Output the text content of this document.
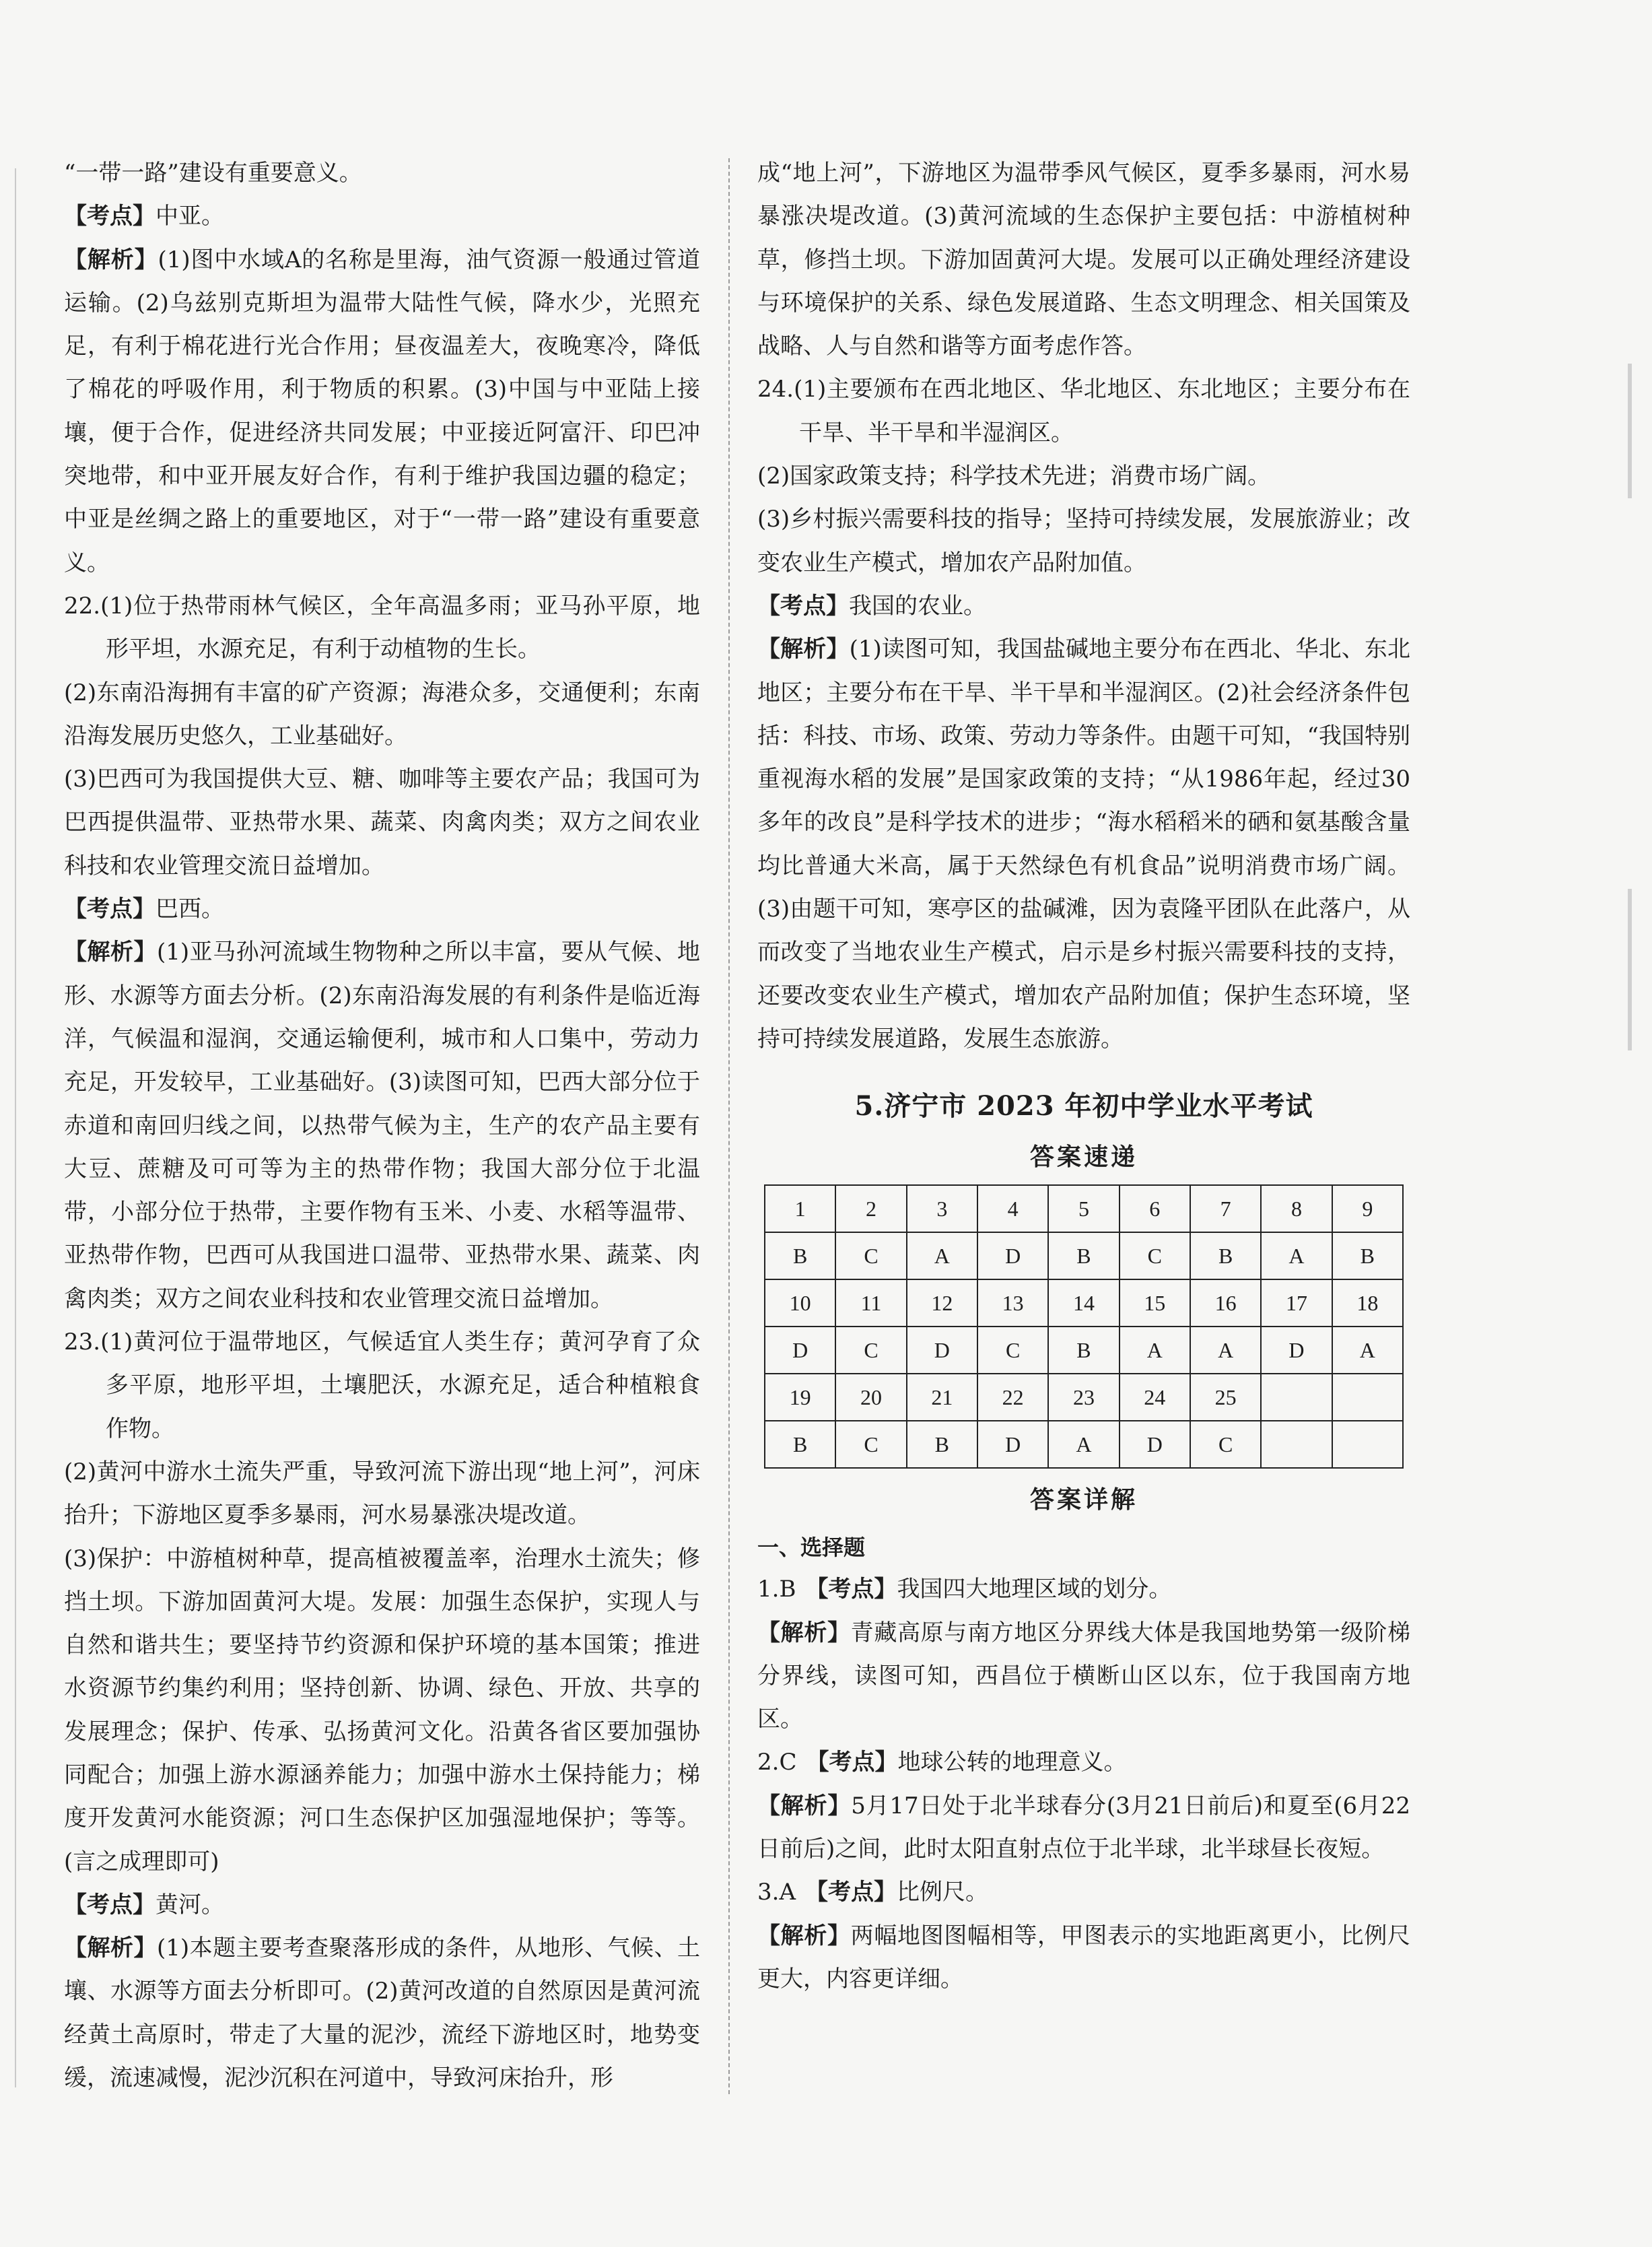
“一带一路”建设有重要意义。

【考点】中亚。

【解析】(1)图中水域A的名称是里海，油气资源一般通过管道运输。(2)乌兹别克斯坦为温带大陆性气候，降水少，光照充足，有利于棉花进行光合作用；昼夜温差大，夜晚寒冷，降低了棉花的呼吸作用，利于物质的积累。(3)中国与中亚陆上接壤，便于合作，促进经济共同发展；中亚接近阿富汗、印巴冲突地带，和中亚开展友好合作，有利于维护我国边疆的稳定；中亚是丝绸之路上的重要地区，对于“一带一路”建设有重要意义。

22.(1)位于热带雨林气候区，全年高温多雨；亚马孙平原，地形平坦，水源充足，有利于动植物的生长。

(2)东南沿海拥有丰富的矿产资源；海港众多，交通便利；东南沿海发展历史悠久，工业基础好。

(3)巴西可为我国提供大豆、糖、咖啡等主要农产品；我国可为巴西提供温带、亚热带水果、蔬菜、肉禽肉类；双方之间农业科技和农业管理交流日益增加。

【考点】巴西。

【解析】(1)亚马孙河流域生物物种之所以丰富，要从气候、地形、水源等方面去分析。(2)东南沿海发展的有利条件是临近海洋，气候温和湿润，交通运输便利，城市和人口集中，劳动力充足，开发较早，工业基础好。(3)读图可知，巴西大部分位于赤道和南回归线之间，以热带气候为主，生产的农产品主要有大豆、蔗糖及可可等为主的热带作物；我国大部分位于北温带，小部分位于热带，主要作物有玉米、小麦、水稻等温带、亚热带作物，巴西可从我国进口温带、亚热带水果、蔬菜、肉禽肉类；双方之间农业科技和农业管理交流日益增加。

23.(1)黄河位于温带地区，气候适宜人类生存；黄河孕育了众多平原，地形平坦，土壤肥沃，水源充足，适合种植粮食作物。

(2)黄河中游水土流失严重，导致河流下游出现“地上河”，河床抬升；下游地区夏季多暴雨，河水易暴涨决堤改道。

(3)保护：中游植树种草，提高植被覆盖率，治理水土流失；修挡土坝。下游加固黄河大堤。发展：加强生态保护，实现人与自然和谐共生；要坚持节约资源和保护环境的基本国策；推进水资源节约集约利用；坚持创新、协调、绿色、开放、共享的发展理念；保护、传承、弘扬黄河文化。沿黄各省区要加强协同配合；加强上游水源涵养能力；加强中游水土保持能力；梯度开发黄河水能资源；河口生态保护区加强湿地保护；等等。(言之成理即可)

【考点】黄河。

【解析】(1)本题主要考查聚落形成的条件，从地形、气候、土壤、水源等方面去分析即可。(2)黄河改道的自然原因是黄河流经黄土高原时，带走了大量的泥沙，流经下游地区时，地势变缓，流速减慢，泥沙沉积在河道中，导致河床抬升，形

成“地上河”，下游地区为温带季风气候区，夏季多暴雨，河水易暴涨决堤改道。(3)黄河流域的生态保护主要包括：中游植树种草，修挡土坝。下游加固黄河大堤。发展可以正确处理经济建设与环境保护的关系、绿色发展道路、生态文明理念、相关国策及战略、人与自然和谐等方面考虑作答。

24.(1)主要颁布在西北地区、华北地区、东北地区；主要分布在干旱、半干旱和半湿润区。

(2)国家政策支持；科学技术先进；消费市场广阔。

(3)乡村振兴需要科技的指导；坚持可持续发展，发展旅游业；改变农业生产模式，增加农产品附加值。

【考点】我国的农业。

【解析】(1)读图可知，我国盐碱地主要分布在西北、华北、东北地区；主要分布在干旱、半干旱和半湿润区。(2)社会经济条件包括：科技、市场、政策、劳动力等条件。由题干可知，“我国特别重视海水稻的发展”是国家政策的支持；“从1986年起，经过30多年的改良”是科学技术的进步；“海水稻稻米的硒和氨基酸含量均比普通大米高，属于天然绿色有机食品”说明消费市场广阔。(3)由题干可知，寒亭区的盐碱滩，因为袁隆平团队在此落户，从而改变了当地农业生产模式，启示是乡村振兴需要科技的支持，还要改变农业生产模式，增加农产品附加值；保护生态环境，坚持可持续发展道路，发展生态旅游。

5.济宁市 2023 年初中学业水平考试
答案速递
1	2	3	4	5	6	7	8	9
B	C	A	D	B	C	B	A	B
10	11	12	13	14	15	16	17	18
D	C	D	C	B	A	A	D	A
19	20	21	22	23	24	25		
B	C	B	D	A	D	C		
答案详解

一、选择题

1.B 【考点】我国四大地理区域的划分。

【解析】青藏高原与南方地区分界线大体是我国地势第一级阶梯分界线，读图可知，西昌位于横断山区以东，位于我国南方地区。

2.C 【考点】地球公转的地理意义。

【解析】5月17日处于北半球春分(3月21日前后)和夏至(6月22日前后)之间，此时太阳直射点位于北半球，北半球昼长夜短。

3.A 【考点】比例尺。

【解析】两幅地图图幅相等，甲图表示的实地距离更小，比例尺更大，内容更详细。
